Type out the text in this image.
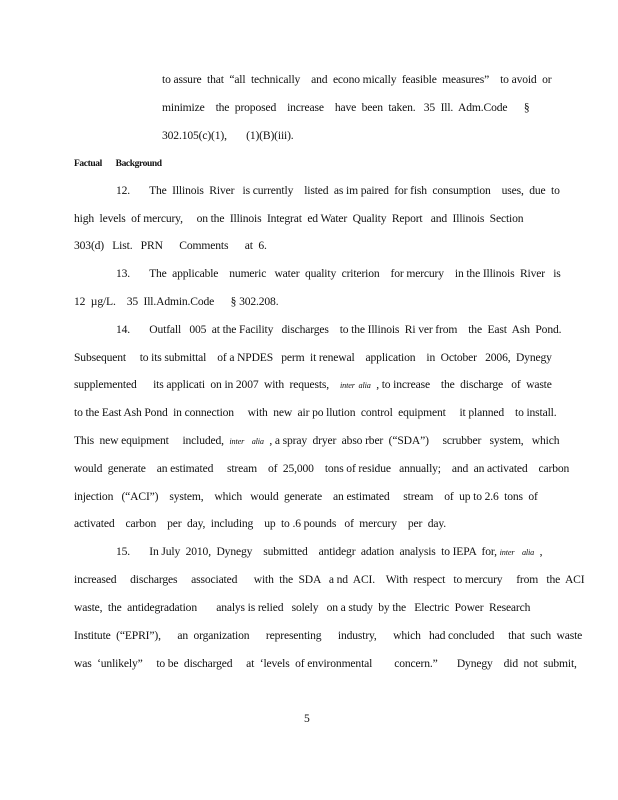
to assure  that  “all  technically    and  econo mically  feasible  measures”    to avoid  or
minimize    the  proposed    increase    have  been  taken.   35  Ill.  Adm.Code      §
302.105(c)(1),       (1)(B)(iii).
Factual       Background
12.       The  Illinois  River   is currently    listed  as im paired  for fish  consumption    uses,  due  to
high  levels  of mercury,     on the  Illinois  Integrat  ed Water  Quality  Report   and  Illinois  Section
303(d)   List.   PRN      Comments      at  6.
13.       The  applicable    numeric   water  quality  criterion    for mercury    in the Illinois  River   is
12  µg/L.    35  Ill.Admin.Code      § 302.208.
14.       Outfall   005  at the Facility   discharges    to the Illinois  Ri ver from    the  East  Ash  Pond.
Subsequent     to its submittal    of a NPDES   perm  it renewal    application    in  October   2006,  Dynegy
supplemented      its applicati  on in 2007  with  requests,    inter  alia  , to increase    the  discharge   of  waste
to the East Ash Pond  in connection     with  new  air po llution  control  equipment     it planned    to install.
This  new equipment     included,  inter    alia  , a spray  dryer  abso rber  (“SDA”)     scrubber   system,   which
would  generate    an estimated     stream    of  25,000    tons of residue   annually;    and  an activated    carbon
injection   (“ACI”)    system,    which   would  generate    an estimated     stream    of  up to 2.6  tons  of
activated    carbon    per  day,  including    up  to .6 pounds   of  mercury    per  day.
15.       In July  2010,  Dynegy    submitted    antidegr  adation  analysis  to IEPA  for, inter    alia  ,
increased     discharges     associated      with  the  SDA   a nd  ACI.    With  respect   to mercury     from   the  ACI
waste,  the  antidegradation       analys is relied   solely   on a study  by the   Electric  Power  Research
Institute  (“EPRI”),      an  organization      representing      industry,      which   had concluded     that  such  waste
was  ‘unlikely”     to be  discharged     at  ‘levels  of environmental        concern.”       Dynegy    did  not  submit,
5
